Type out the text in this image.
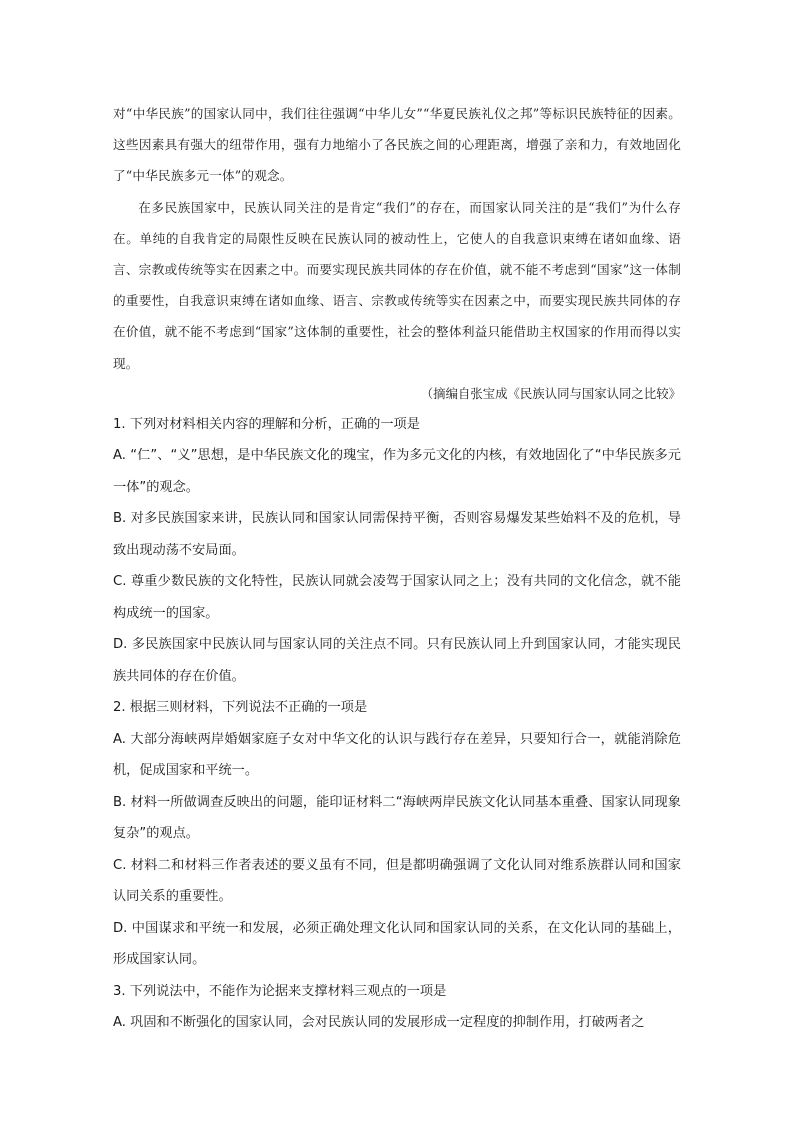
对“中华民族”的国家认同中，我们往往强调“中华儿女”“华夏民族礼仪之邦”等标识民族特征的因素。这些因素具有强大的纽带作用，强有力地缩小了各民族之间的心理距离，增强了亲和力，有效地固化了“中华民族多元一体”的观念。

在多民族国家中，民族认同关注的是肯定“我们”的存在，而国家认同关注的是“我们”为什么存在。单纯的自我肯定的局限性反映在民族认同的被动性上，它使人的自我意识束缚在诸如血缘、语言、宗教或传统等实在因素之中。而要实现民族共同体的存在价值，就不能不考虑到“国家”这一体制的重要性，自我意识束缚在诸如血缘、语言、宗教或传统等实在因素之中，而要实现民族共同体的存在价值，就不能不考虑到“国家”这体制的重要性，社会的整体利益只能借助主权国家的作用而得以实现。

（摘编自张宝成《民族认同与国家认同之比较》

1. 下列对材料相关内容的理解和分析，正确的一项是

A. “仁”、“义”思想，是中华民族文化的瑰宝，作为多元文化的内核，有效地固化了“中华民族多元一体”的观念。

B. 对多民族国家来讲，民族认同和国家认同需保持平衡，否则容易爆发某些始料不及的危机，导致出现动荡不安局面。

C. 尊重少数民族的文化特性，民族认同就会凌驾于国家认同之上；没有共同的文化信念，就不能构成统一的国家。

D. 多民族国家中民族认同与国家认同的关注点不同。只有民族认同上升到国家认同，才能实现民族共同体的存在价值。

2. 根据三则材料，下列说法不正确的一项是

A. 大部分海峡两岸婚姻家庭子女对中华文化的认识与践行存在差异，只要知行合一，就能消除危机，促成国家和平统一。

B. 材料一所做调查反映出的问题，能印证材料二“海峡两岸民族文化认同基本重叠、国家认同现象复杂”的观点。

C. 材料二和材料三作者表述的要义虽有不同，但是都明确强调了文化认同对维系族群认同和国家认同关系的重要性。

D. 中国谋求和平统一和发展，必须正确处理文化认同和国家认同的关系，在文化认同的基础上，形成国家认同。

3. 下列说法中，不能作为论据来支撑材料三观点的一项是

A. 巩固和不断强化的国家认同，会对民族认同的发展形成一定程度的抑制作用，打破两者之
